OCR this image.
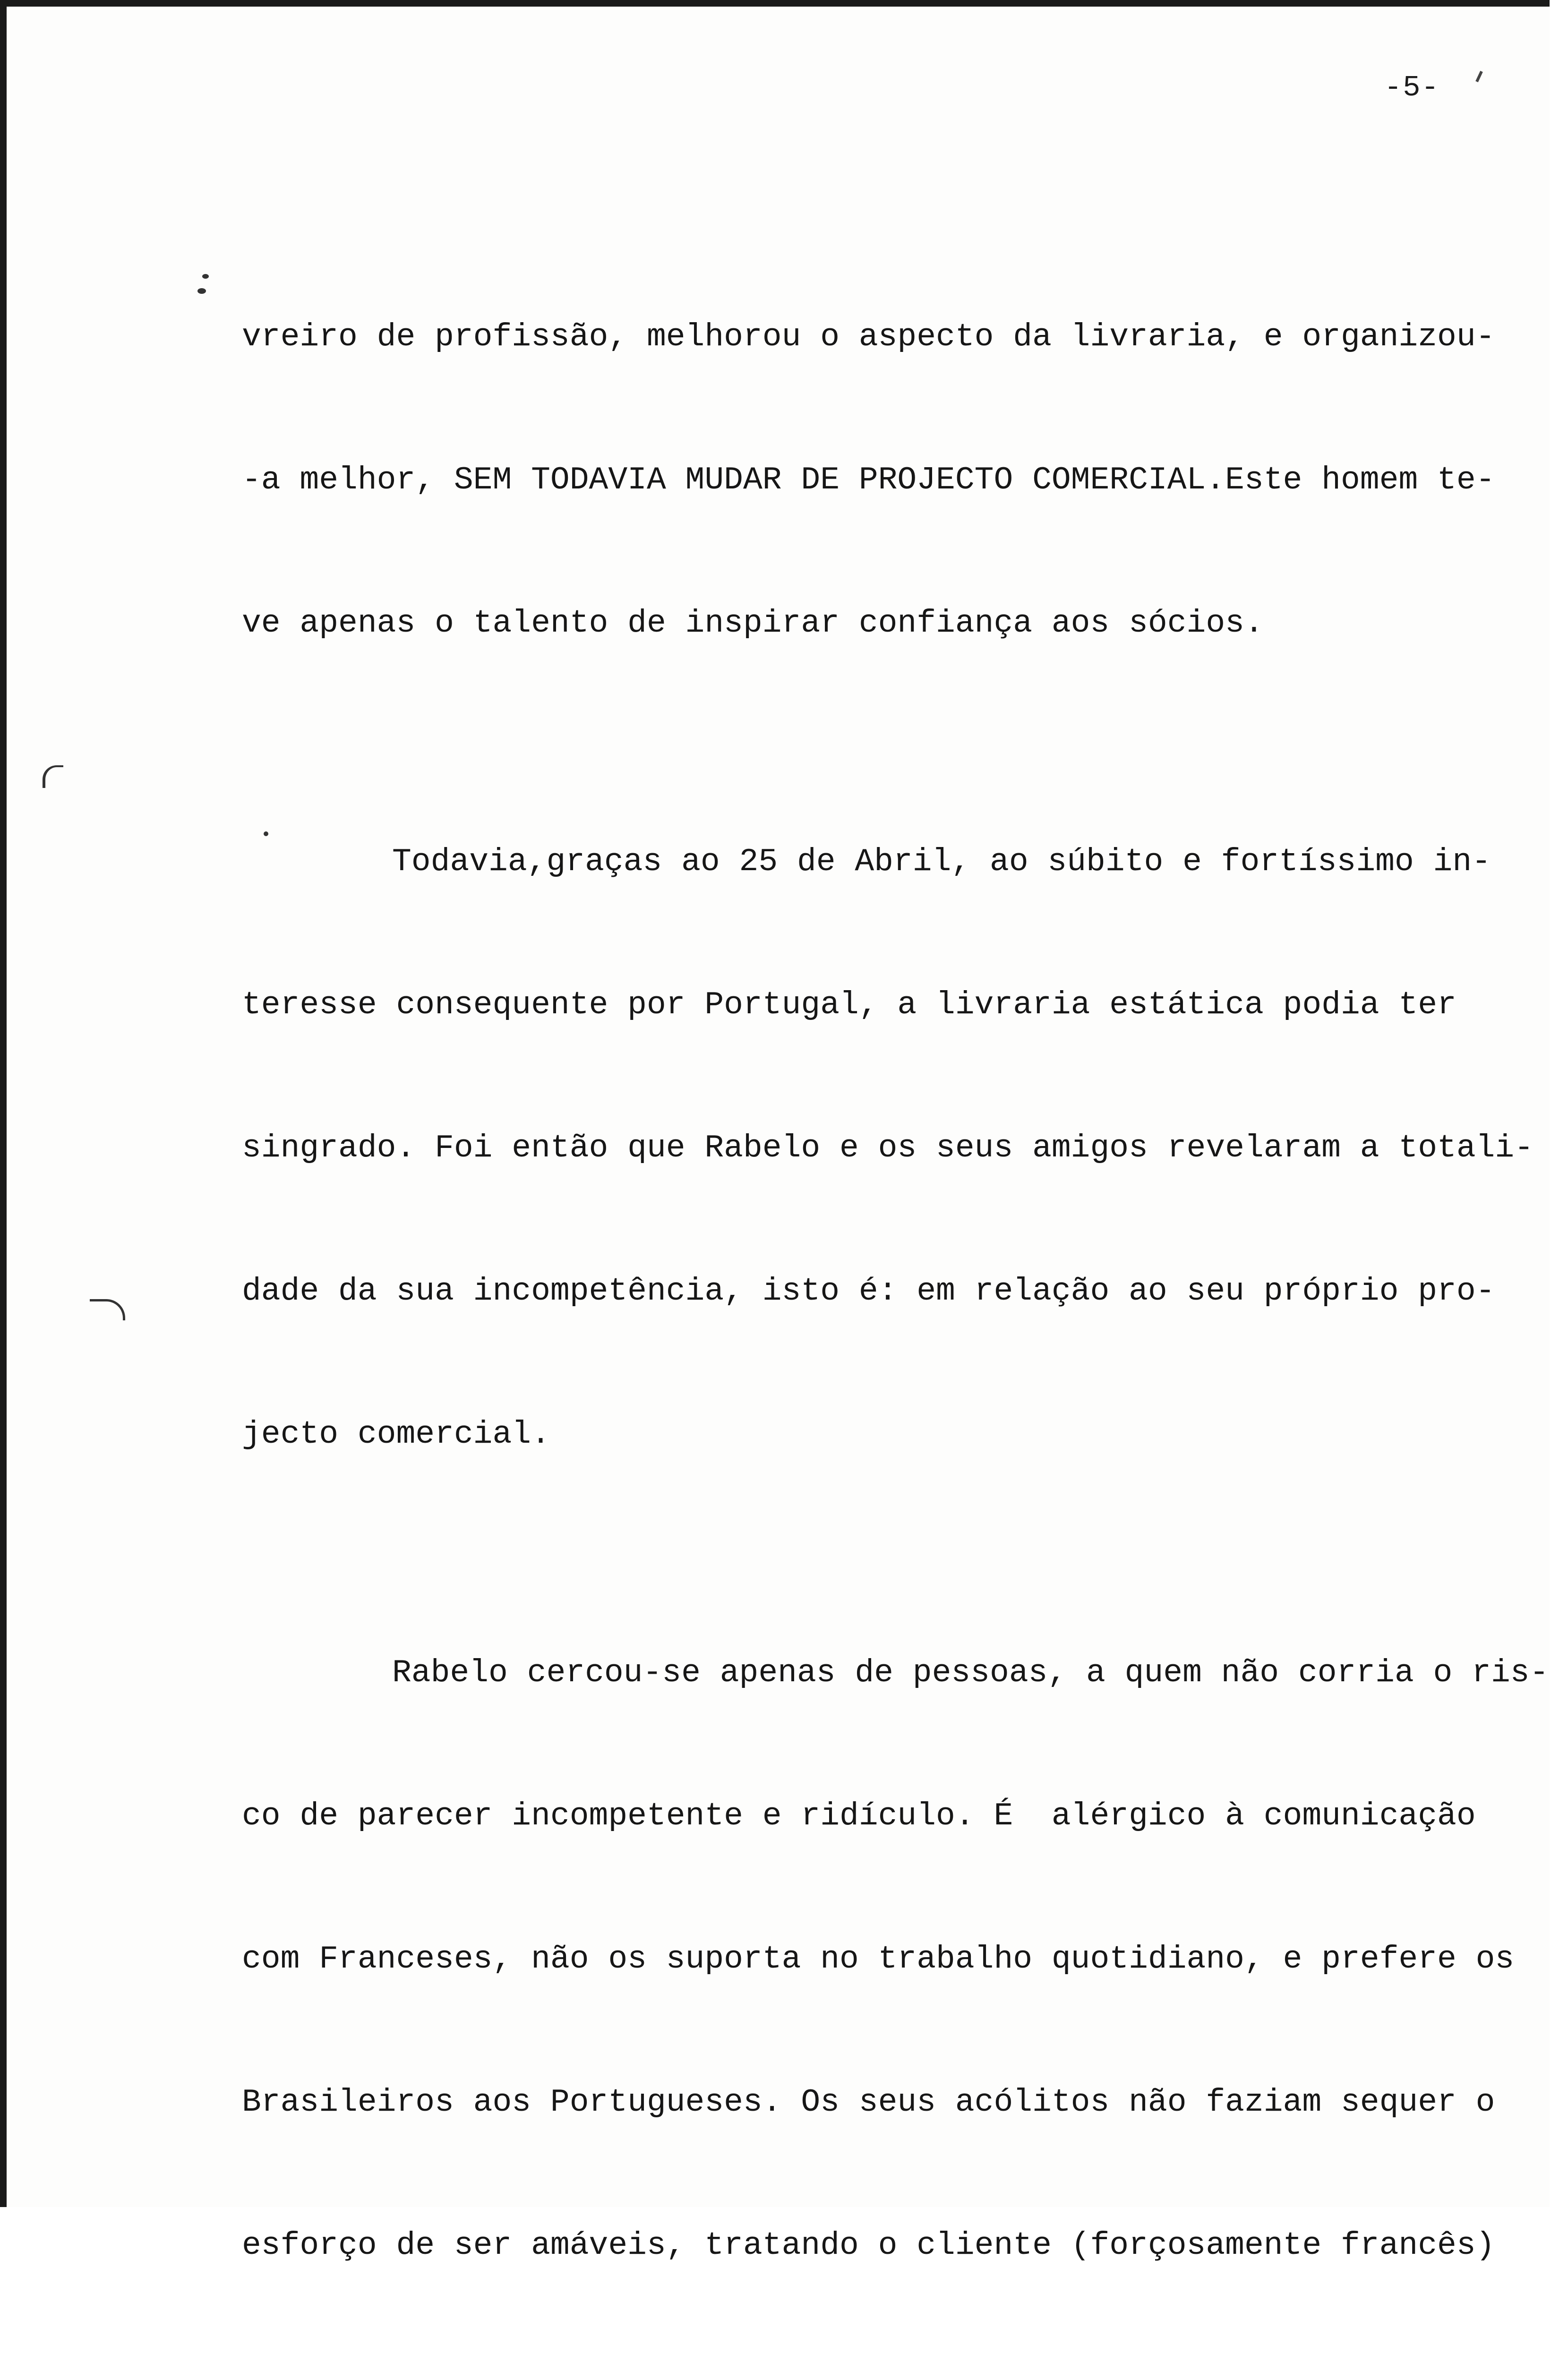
-5-

vreiro de profissão, melhorou o aspecto da livraria, e organizou-

-a melhor, SEM TODAVIA MUDAR DE PROJECTO COMERCIAL.Este homem te-

ve apenas o talento de inspirar confiança aos sócios.

Todavia,graças ao 25 de Abril, ao súbito e fortíssimo in-

teresse consequente por Portugal, a livraria estática podia ter

singrado. Foi então que Rabelo e os seus amigos revelaram a totali-

dade da sua incompetência, isto é: em relação ao seu próprio pro-

jecto comercial.

Rabelo cercou-se apenas de pessoas, a quem não corria o ris-

co de parecer incompetente e ridículo. É  alérgico à comunicação

com Franceses, não os suporta no trabalho quotidiano, e prefere os

Brasileiros aos Portugueses. Os seus acólitos não faziam sequer o

esforço de ser amáveis, tratando o cliente (forçosamente francês)
